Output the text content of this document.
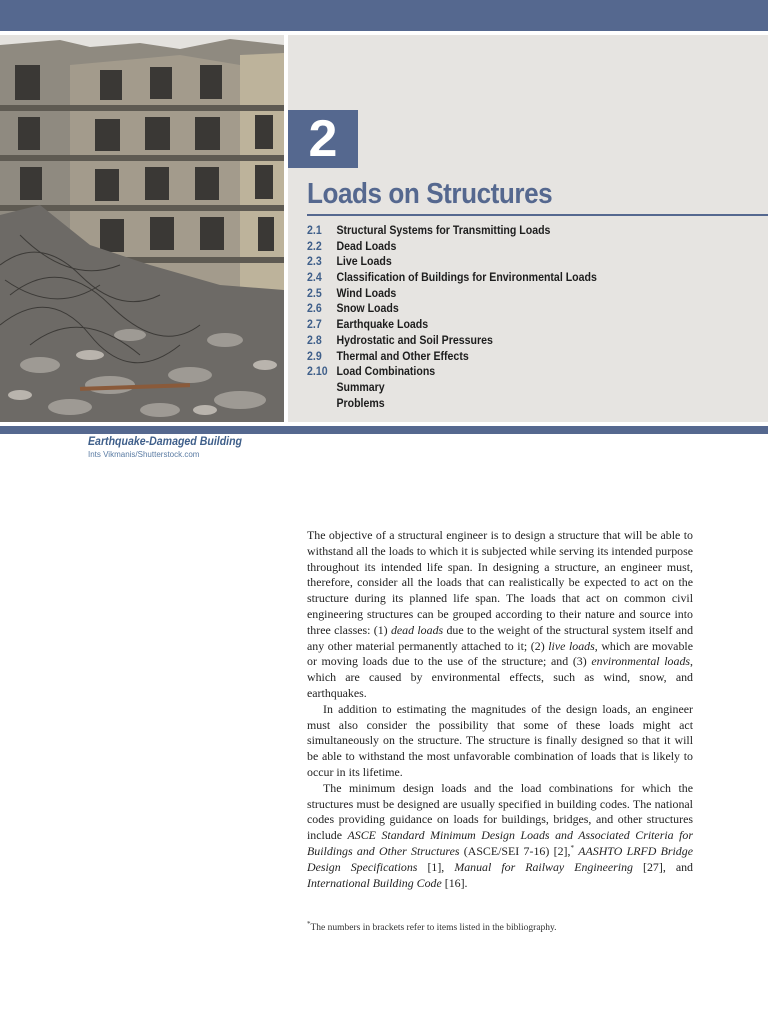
2
Loads on Structures
2.1 Structural Systems for Transmitting Loads
2.2 Dead Loads
2.3 Live Loads
2.4 Classification of Buildings for Environmental Loads
2.5 Wind Loads
2.6 Snow Loads
2.7 Earthquake Loads
2.8 Hydrostatic and Soil Pressures
2.9 Thermal and Other Effects
2.10 Load Combinations
Summary
Problems
Earthquake-Damaged Building
Ints Vikmanis/Shutterstock.com

The objective of a structural engineer is to design a structure that will be able to withstand all the loads to which it is subjected while serving its intended purpose throughout its intended life span. In designing a structure, an engineer must, therefore, consider all the loads that can realistically be expected to act on the structure during its planned life span. The loads that act on common civil engineering structures can be grouped according to their nature and source into three classes: (1) dead loads due to the weight of the structural system itself and any other material permanently attached to it; (2) live loads, which are movable or moving loads due to the use of the structure; and (3) environmental loads, which are caused by environmental effects, such as wind, snow, and earthquakes.

In addition to estimating the magnitudes of the design loads, an engineer must also consider the possibility that some of these loads might act simultaneously on the structure. The structure is finally designed so that it will be able to withstand the most unfavorable combination of loads that is likely to occur in its lifetime.

The minimum design loads and the load combinations for which the structures must be designed are usually specified in building codes. The national codes providing guidance on loads for buildings, bridges, and other structures include ASCE Standard Minimum Design Loads and Associated Criteria for Buildings and Other Structures (ASCE/SEI 7-16) [2],* AASHTO LRFD Bridge Design Specifications [1], Manual for Railway Engineering [27], and International Building Code [16].

*The numbers in brackets refer to items listed in the bibliography.
